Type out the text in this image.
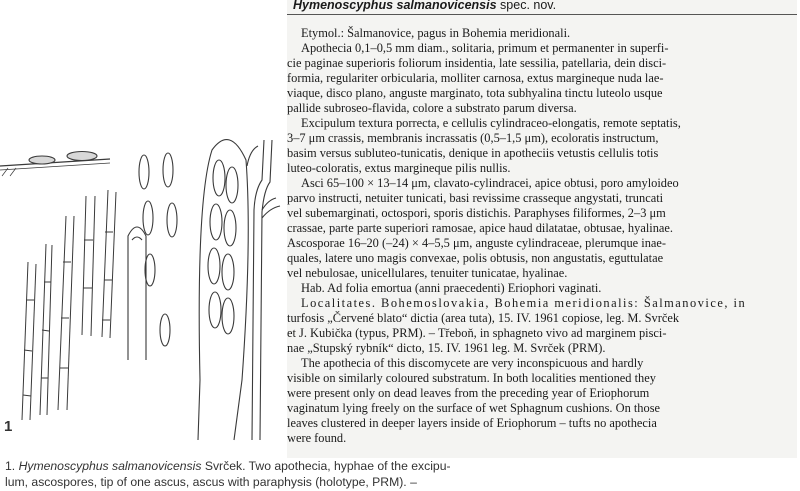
1
Hymenoscyphus salmanovicensis spec. nov.
Etymol.: Šalmanovice, pagus in Bohemia meridionali.
Apothecia 0,1–0,5 mm diam., solitaria, primum et permanenter in superfi-
cie paginae superioris foliorum insidentia, late sessilia, patellaria, dein disci-
formia, regulariter orbicularia, molliter carnosa, extus margineque nuda lae-
viaque, disco plano, anguste marginato, tota subhyalina tinctu luteolo usque
pallide subroseo-flavida, colore a substrato parum diversa.
Excipulum textura porrecta, e cellulis cylindraceo-elongatis, remote septatis,
3–7 μm crassis, membranis incrassatis (0,5–1,5 μm), ecoloratis instructum,
basim versus subluteo-tunicatis, denique in apotheciis vetustis cellulis totis
luteo-coloratis, extus margineque pilis nullis.
Asci 65–100 × 13–14 μm, clavato-cylindracei, apice obtusi, poro amyloideo
parvo instructi, netuiter tunicati, basi revissime crasseque angystati, truncati
vel subemarginati, octospori, sporis distichis. Paraphyses filiformes, 2–3 μm
crassae, parte parte superiori ramosae, apice haud dilatatae, obtusae, hyalinae.
Ascosporae 16–20 (–24) × 4–5,5 μm, anguste cylindraceae, plerumque inae-
quales, latere uno magis convexae, polis obtusis, non angustatis, eguttulatae
vel nebulosae, unicellulares, tenuiter tunicatae, hyalinae.
Hab. Ad folia emortua (anni praecedenti) Eriophori vaginati.
Localitates. Bohemoslovakia, Bohemia meridionalis: Šalmanovice, in
turfosis „Červené blato“ dictia (area tuta), 15. IV. 1961 copiose, leg. M. Svrček
et J. Kubička (typus, PRM). – Třeboň, in sphagneto vivo ad marginem pisci-
nae „Stupský rybník“ dicto, 15. IV. 1961 leg. M. Svrček (PRM).
The apothecia of this discomycete are very inconspicuous and hardly
visible on similarly coloured substratum. In both localities mentioned they
were present only on dead leaves from the preceding year of Eriophorum
vaginatum lying freely on the surface of wet Sphagnum cushions. On those
leaves clustered in deeper layers inside of Eriophorum – tufts no apothecia
were found.
1. Hymenoscyphus salmanovicensis Svrček. Two apothecia, hyphae of the excipu-
lum, ascospores, tip of one ascus, ascus with paraphysis (holotype, PRM). –
